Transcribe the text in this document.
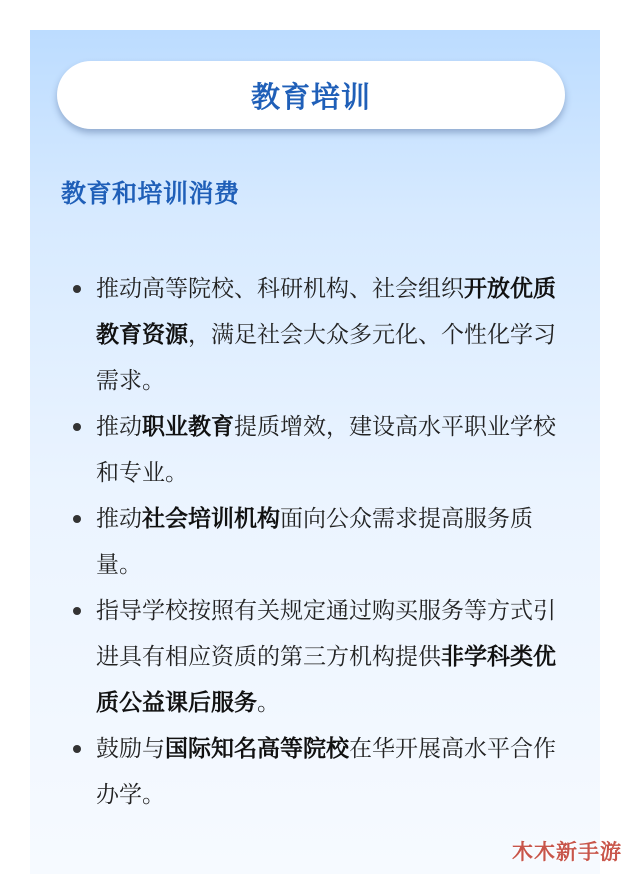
教育培训
教育和培训消费
推动高等院校、科研机构、社会组织开放优质教育资源，满足社会大众多元化、个性化学习需求。
推动职业教育提质增效，建设高水平职业学校和专业。
推动社会培训机构面向公众需求提高服务质量。
指导学校按照有关规定通过购买服务等方式引进具有相应资质的第三方机构提供非学科类优质公益课后服务。
鼓励与国际知名高等院校在华开展高水平合作办学。
木木新手游
